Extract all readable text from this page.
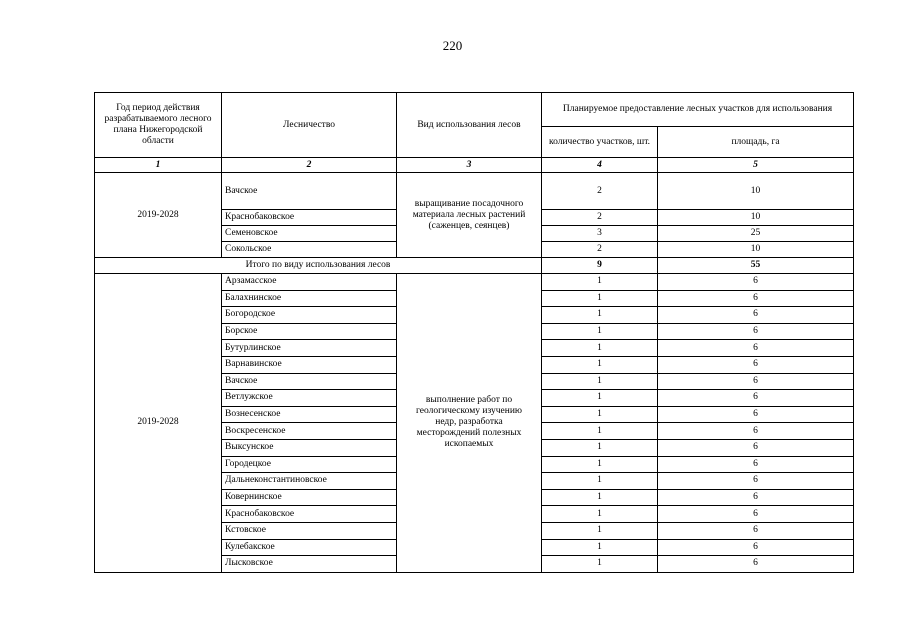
220
Год период действия разрабатываемого лесного плана Нижегородской области	Лесничество	Вид использования лесов	Планируемое предоставление лесных участков для использования	
			количество участков, шт.	площадь, га
1	2	3	4	5
2019-2028	Вачское	выращивание посадочного материала лесных растений (саженцев, сеянцев)	2	10
	Краснобаковское		2	10
	Семеновское		3	25
	Сокольское		2	10
Итого по виду использования лесов			9	55
2019-2028	Арзамасское	выполнение работ по геологическому изучению недр, разработка месторождений полезных ископаемых	1	6
	Балахнинское		1	6
	Богородское		1	6
	Борское		1	6
	Бутурлинское		1	6
	Варнавинское		1	6
	Вачское		1	6
	Ветлужское		1	6
	Вознесенское		1	6
	Воскресенское		1	6
	Выксунское		1	6
	Городецкое		1	6
	Дальнеконстантиновское		1	6
	Ковернинское		1	6
	Краснобаковское		1	6
	Кстовское		1	6
	Кулебакское		1	6
	Лысковское		1	6
